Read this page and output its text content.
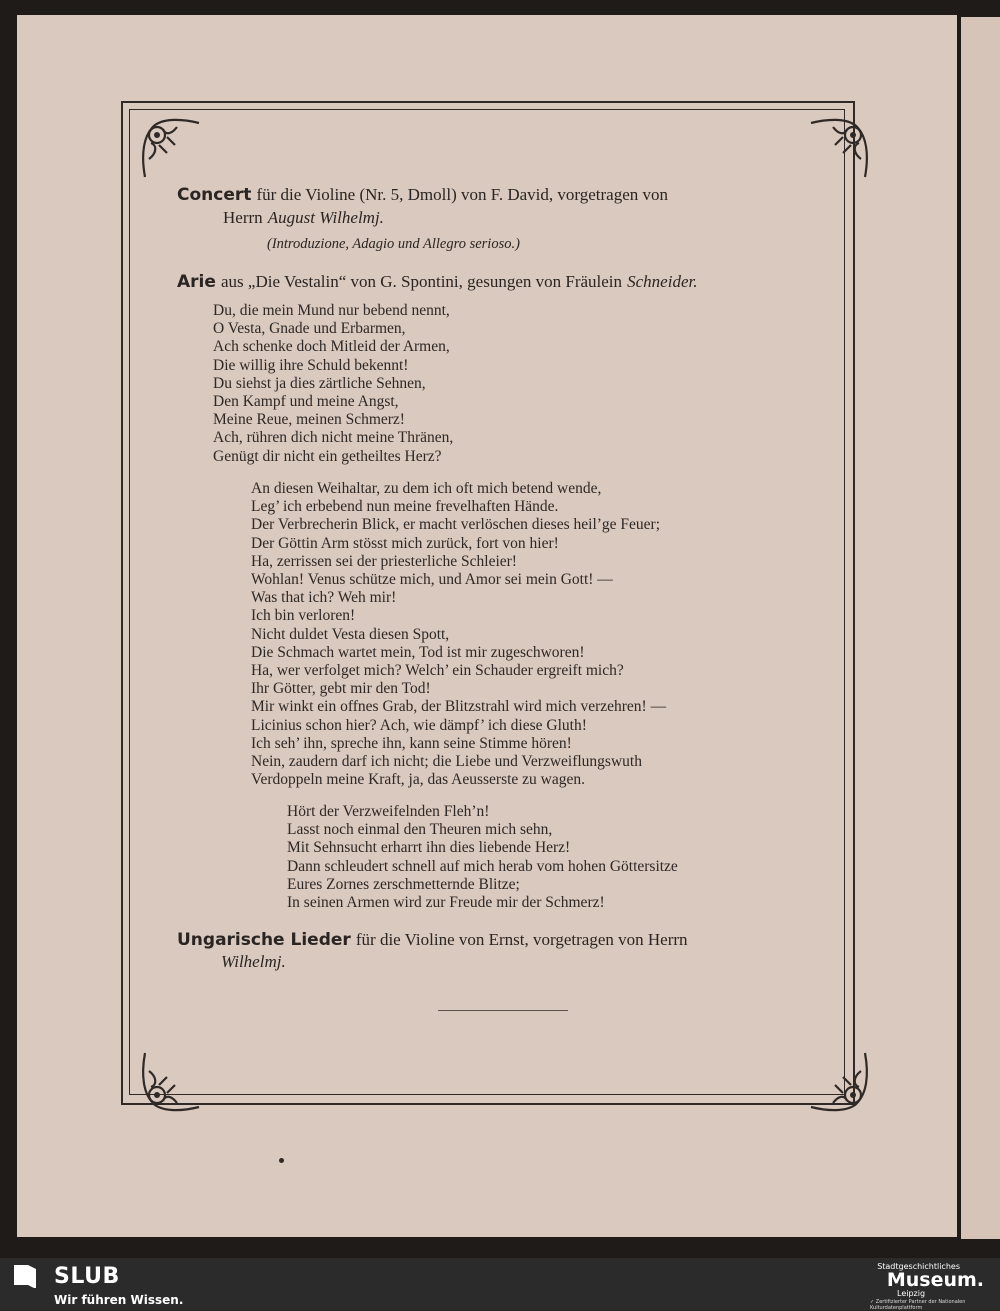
Concert für die Violine (Nr. 5, Dmoll) von F. David, vorgetragen von
Herrn August Wilhelmj.
(Introduzione, Adagio und Allegro serioso.)
Arie aus „Die Vestalin“ von G. Spontini, gesungen von Fräulein Schneider.
Du, die mein Mund nur bebend nennt,
O Vesta, Gnade und Erbarmen,
Ach schenke doch Mitleid der Armen,
Die willig ihre Schuld bekennt!
Du siehst ja dies zärtliche Sehnen,
Den Kampf und meine Angst,
Meine Reue, meinen Schmerz!
Ach, rühren dich nicht meine Thränen,
Genügt dir nicht ein getheiltes Herz?
An diesen Weihaltar, zu dem ich oft mich betend wende,
Leg’ ich erbebend nun meine frevelhaften Hände.
Der Verbrecherin Blick, er macht verlöschen dieses heil’ge Feuer;
Der Göttin Arm stösst mich zurück, fort von hier!
Ha, zerrissen sei der priesterliche Schleier!
Wohlan! Venus schütze mich, und Amor sei mein Gott! —
Was that ich? Weh mir!
Ich bin verloren!
Nicht duldet Vesta diesen Spott,
Die Schmach wartet mein, Tod ist mir zugeschworen!
Ha, wer verfolget mich? Welch’ ein Schauder ergreift mich?
Ihr Götter, gebt mir den Tod!
Mir winkt ein offnes Grab, der Blitzstrahl wird mich verzehren! —
Licinius schon hier? Ach, wie dämpf’ ich diese Gluth!
Ich seh’ ihn, spreche ihn, kann seine Stimme hören!
Nein, zaudern darf ich nicht; die Liebe und Verzweiflungswuth
Verdoppeln meine Kraft, ja, das Aeusserste zu wagen.
Hört der Verzweifelnden Fleh’n!
Lasst noch einmal den Theuren mich sehn,
Mit Sehnsucht erharrt ihn dies liebende Herz!
Dann schleudert schnell auf mich herab vom hohen Göttersitze
Eures Zornes zerschmetternde Blitze;
In seinen Armen wird zur Freude mir der Schmerz!
Ungarische Lieder für die Violine von Ernst, vorgetragen von Herrn
Wilhelmj.
SLUB
Wir führen Wissen.
Stadtgeschichtliches
Museum.
Leipzig
✓ Zertifizierter Partner der Nationalen Kulturdatenplattform
